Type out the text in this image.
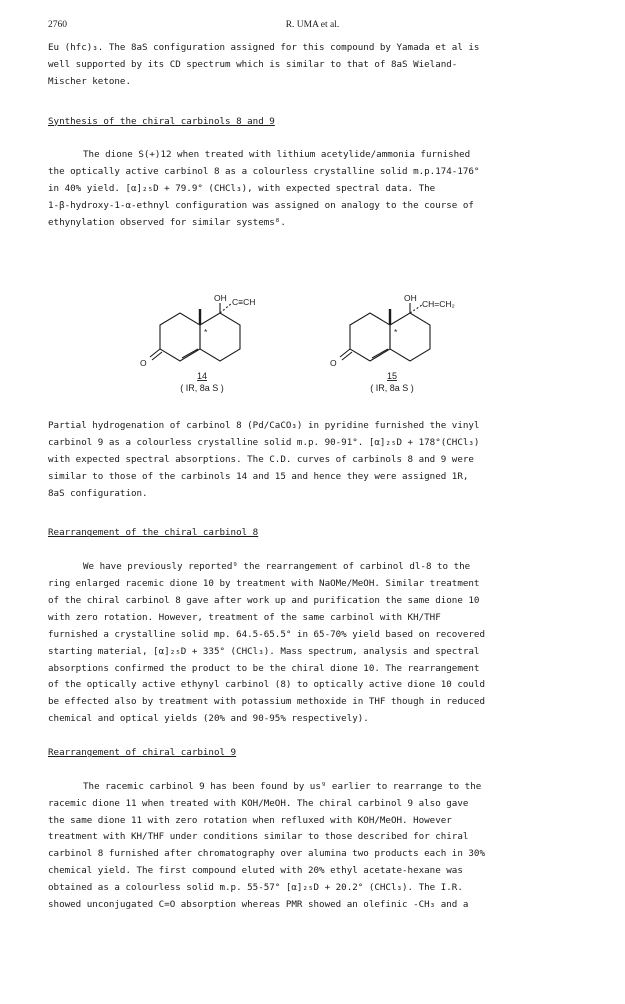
2760	R. UMA et al.
Eu (hfc)₃. The 8aS configuration assigned for this compound by Yamada et al is
well supported by its CD spectrum which is similar to that of 8aS Wieland-
Mischer ketone.
Synthesis of the chiral carbinols 8 and 9
The dione S(+)12 when treated with lithium acetylide/ammonia furnished
the optically active carbinol 8 as a colourless crystalline solid m.p.174-176°
in 40% yield. [α]₂₅D + 79.9° (CHCl₃), with expected spectral data. The
1-β-hydroxy-1-α-ethnyl configuration was assigned on analogy to the course of
ethynylation observed for similar systems⁸.
OH C≡CH
O
*
OH
CH=CH₂
O
*
14
( IR, 8a S )
15
( IR, 8a S )
Partial hydrogenation of carbinol 8 (Pd/CaCO₃) in pyridine furnished the vinyl
carbinol 9 as a colourless crystalline solid m.p. 90-91°. [α]₂₅D + 178°(CHCl₃)
with expected spectral absorptions. The C.D. curves of carbinols 8 and 9 were
similar to those of the carbinols 14 and 15 and hence they were assigned 1R,
8aS configuration.
Rearrangement of the chiral carbinol 8
We have previously reported⁹ the rearrangement of carbinol dl-8 to the
ring enlarged racemic dione 10 by treatment with NaOMe/MeOH. Similar treatment
of the chiral carbinol 8 gave after work up and purification the same dione 10
with zero rotation. However, treatment of the same carbinol with KH/THF
furnished a crystalline solid mp. 64.5-65.5° in 65-70% yield based on recovered
starting material, [α]₂₅D + 335° (CHCl₃). Mass spectrum, analysis and spectral
absorptions confirmed the product to be the chiral dione 10. The rearrangement
of the optically active ethynyl carbinol (8) to optically active dione 10 could
be effected also by treatment with potassium methoxide in THF though in reduced
chemical and optical yields (20% and 90-95% respectively).
Rearrangement of chiral carbinol 9
The racemic carbinol 9 has been found by us⁹ earlier to rearrange to the
racemic dione 11 when treated with KOH/MeOH. The chiral carbinol 9 also gave
the same dione 11 with zero rotation when refluxed with KOH/MeOH. However
treatment with KH/THF under conditions similar to those described for chiral
carbinol 8 furnished after chromatography over alumina two products each in 30%
chemical yield. The first compound eluted with 20% ethyl acetate-hexane was
obtained as a colourless solid m.p. 55-57° [α]₂₅D + 20.2° (CHCl₃). The I.R.
showed unconjugated C=O absorption whereas PMR showed an olefinic -CH₃ and a
